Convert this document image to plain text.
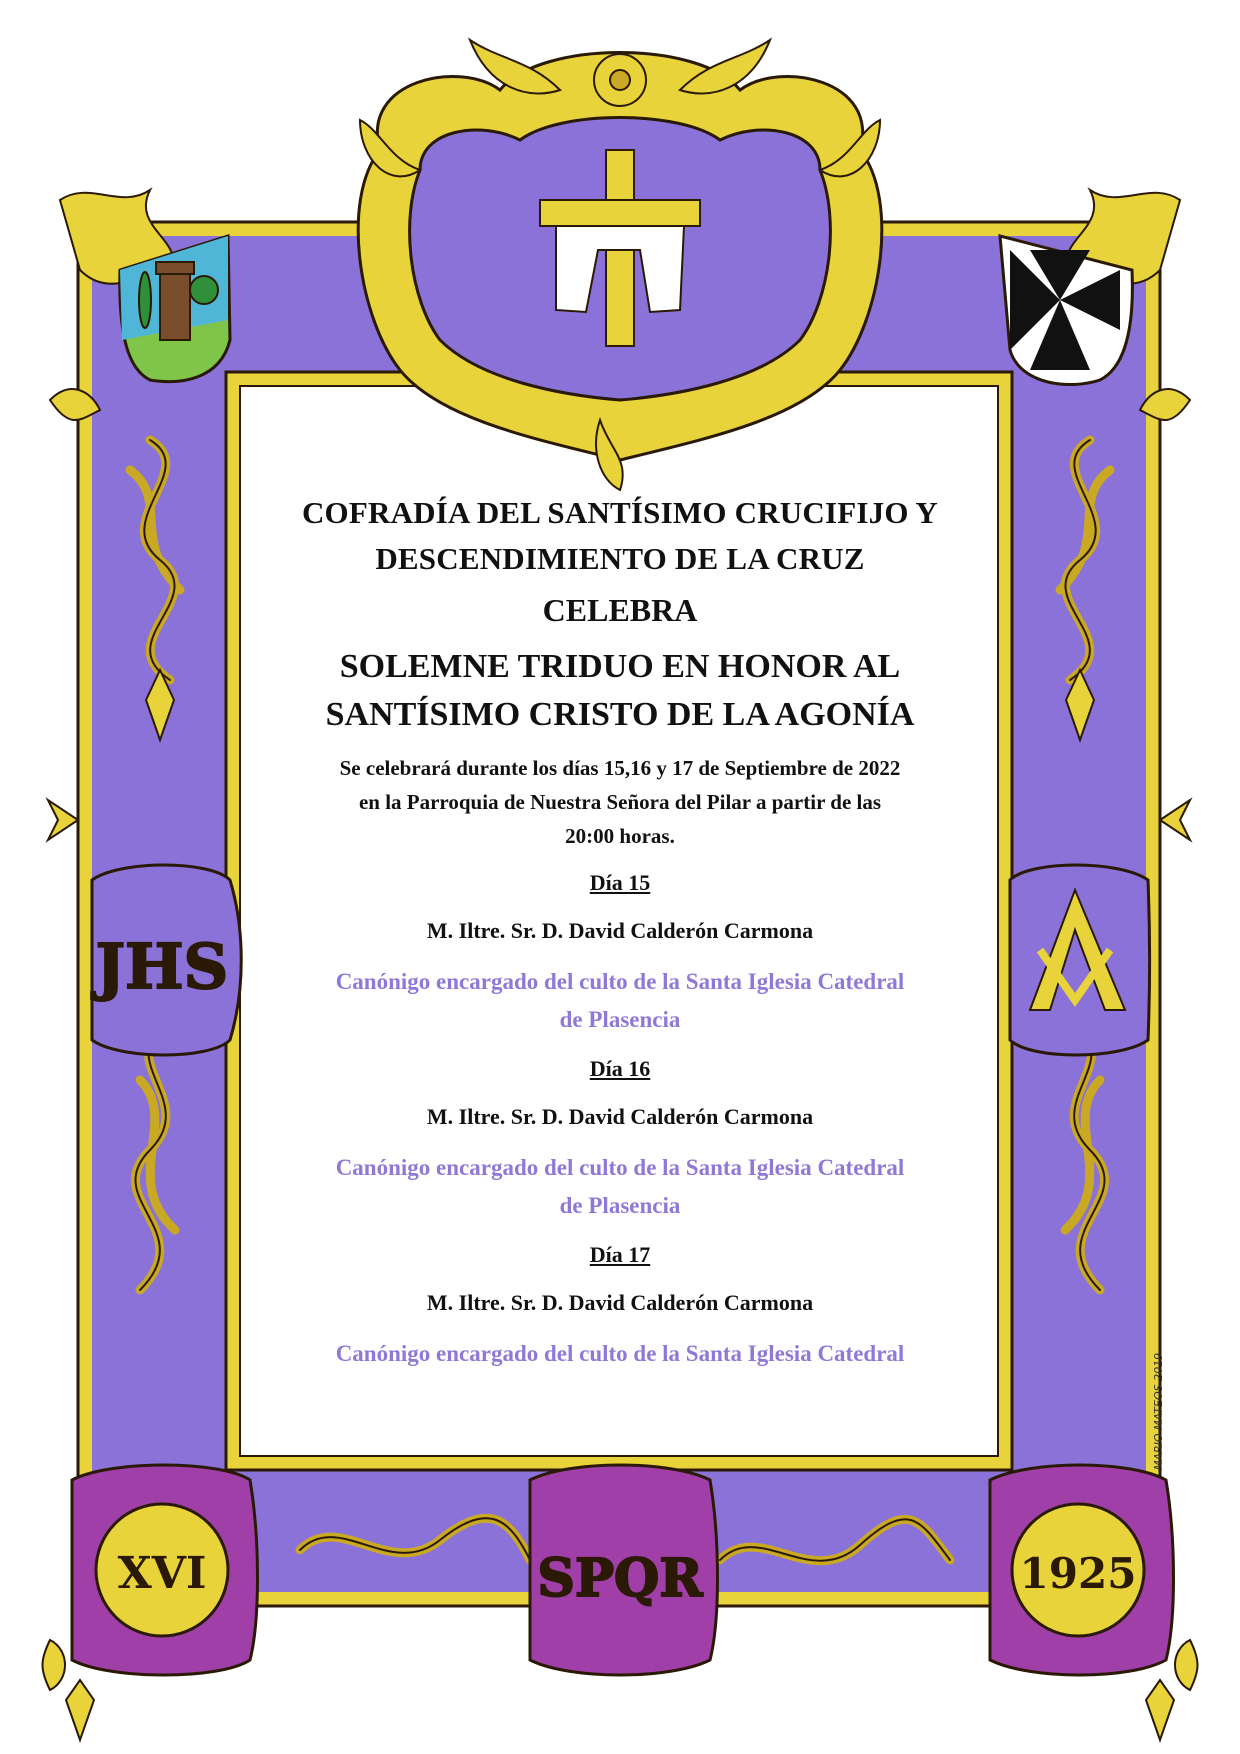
JHS
XVI	SPQR	1925

COFRADÍA DEL SANTÍSIMO CRUCIFIJO Y

DESCENDIMIENTO DE LA CRUZ

CELEBRA

SOLEMNE TRIDUO EN HONOR AL

SANTÍSIMO CRISTO DE LA AGONÍA

Se celebrará durante los días 15,16 y 17 de Septiembre de 2022
en la Parroquia de Nuestra Señora del Pilar a partir de las
20:00 horas.

Día 15

M. Iltre. Sr. D. David Calderón Carmona

Canónigo encargado del culto de la Santa Iglesia Catedral
de Plasencia

Día 16

M. Iltre. Sr. D. David Calderón Carmona

Canónigo encargado del culto de la Santa Iglesia Catedral
de Plasencia

Día 17

M. Iltre. Sr. D. David Calderón Carmona

Canónigo encargado del culto de la Santa Iglesia Catedral	MARIO MATEOS 2019
